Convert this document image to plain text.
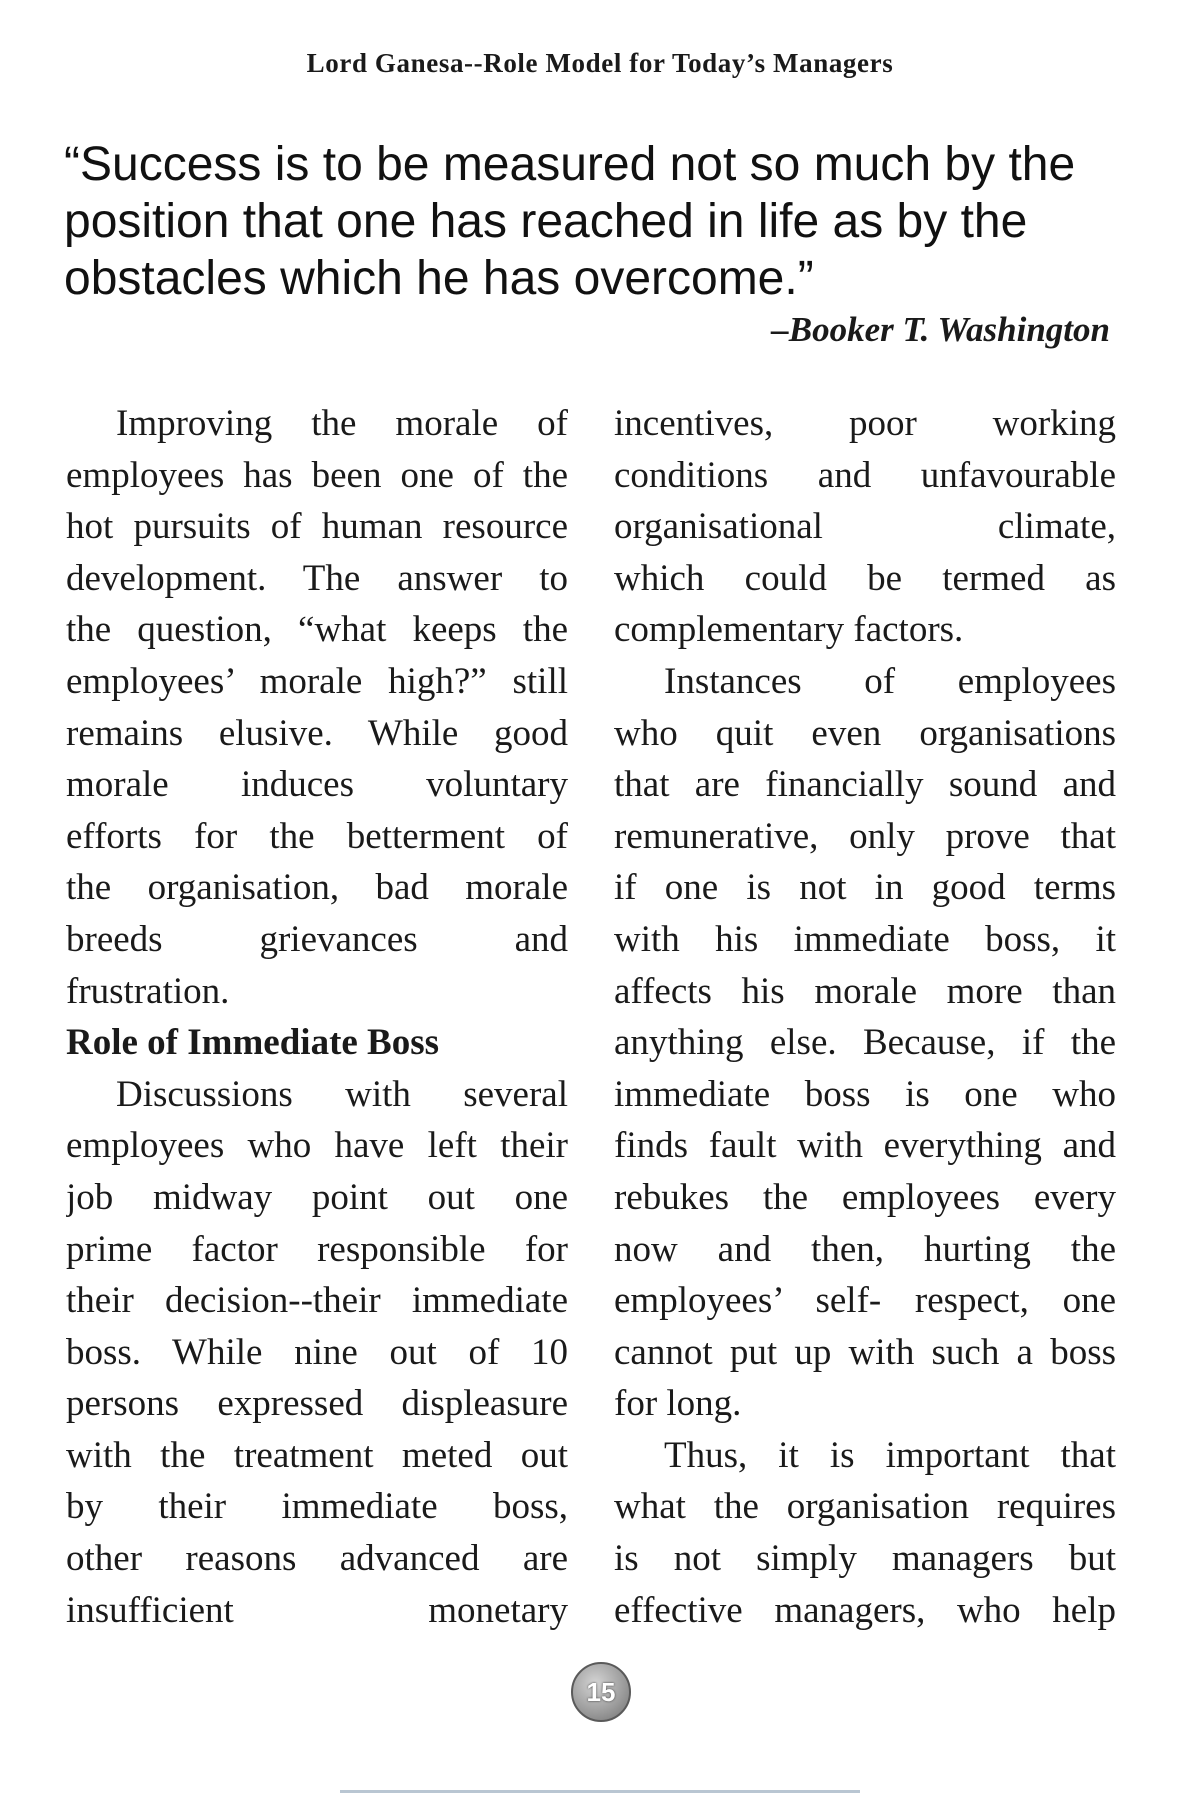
Lord Ganesa--Role Model for Today’s Managers
“Success is to be measured not so much by the
position that one has reached in life as by the
obstacles which he has overcome.”
–Booker T. Washington
Improving the morale of
employees has been one of the
hot pursuits of human resource
development. The answer to
the question, “what keeps the
employees’ morale high?” still
remains elusive. While good
morale induces voluntary
efforts for the betterment of
the organisation, bad morale
breeds grievances and
frustration.
Role of Immediate Boss
Discussions with several
employees who have left their
job midway point out one
prime factor responsible for
their decision--their immediate
boss. While nine out of 10
persons expressed displeasure
with the treatment meted out
by their immediate boss,
other reasons advanced are
insufficient monetary
incentives, poor working
conditions and unfavourable
organisational climate,
which could be termed as
complementary factors.
Instances of employees
who quit even organisations
that are financially sound and
remunerative, only prove that
if one is not in good terms
with his immediate boss, it
affects his morale more than
anything else. Because, if the
immediate boss is one who
finds fault with everything and
rebukes the employees every
now and then, hurting the
employees’ self- respect, one
cannot put up with such a boss
for long.
Thus, it is important that
what the organisation requires
is not simply managers but
effective managers, who help
15
